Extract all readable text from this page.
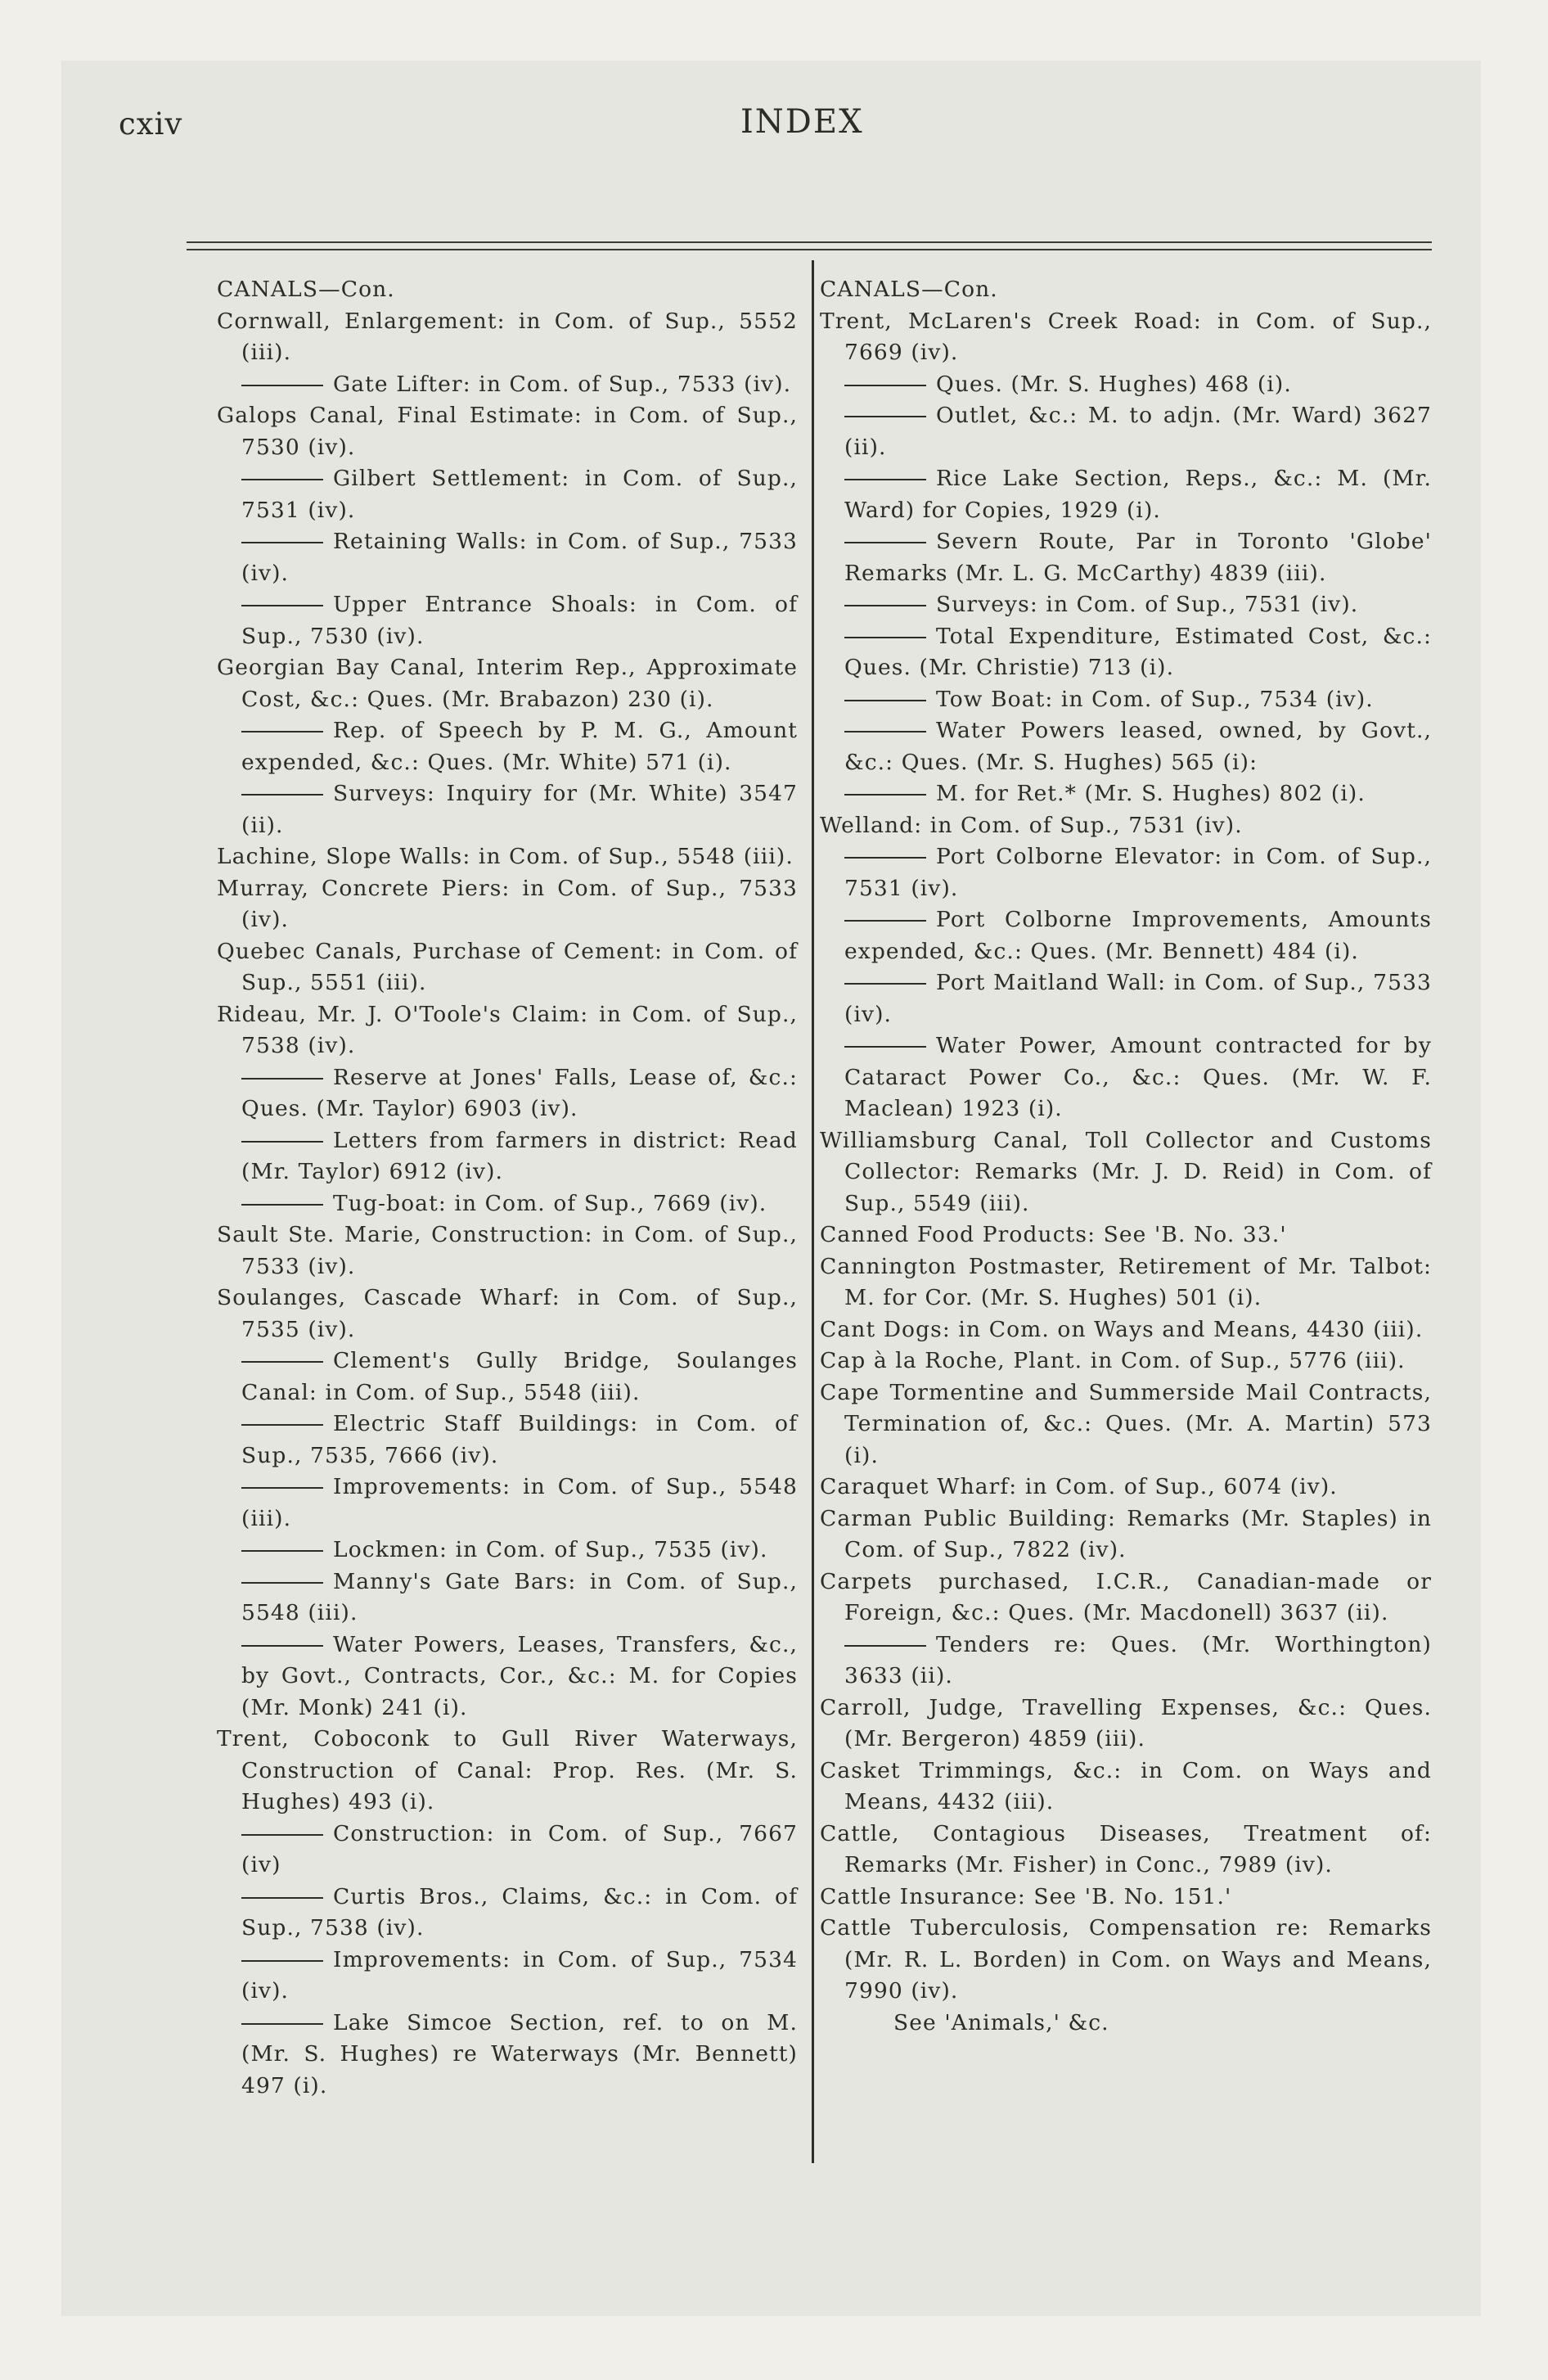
cxiv	INDEX

CANALS—Con.

Cornwall, Enlargement: in Com. of Sup., 5552 (iii).

Gate Lifter: in Com. of Sup., 7533 (iv).

Galops Canal, Final Estimate: in Com. of Sup., 7530 (iv).

Gilbert Settlement: in Com. of Sup., 7531 (iv).

Retaining Walls: in Com. of Sup., 7533 (iv).

Upper Entrance Shoals: in Com. of Sup., 7530 (iv).

Georgian Bay Canal, Interim Rep., Approximate Cost, &c.: Ques. (Mr. Brabazon) 230 (i).

Rep. of Speech by P. M. G., Amount expended, &c.: Ques. (Mr. White) 571 (i).

Surveys: Inquiry for (Mr. White) 3547 (ii).

Lachine, Slope Walls: in Com. of Sup., 5548 (iii).

Murray, Concrete Piers: in Com. of Sup., 7533 (iv).

Quebec Canals, Purchase of Cement: in Com. of Sup., 5551 (iii).

Rideau, Mr. J. O'Toole's Claim: in Com. of Sup., 7538 (iv).

Reserve at Jones' Falls, Lease of, &c.: Ques. (Mr. Taylor) 6903 (iv).

Letters from farmers in district: Read (Mr. Taylor) 6912 (iv).

Tug-boat: in Com. of Sup., 7669 (iv).

Sault Ste. Marie, Construction: in Com. of Sup., 7533 (iv).

Soulanges, Cascade Wharf: in Com. of Sup., 7535 (iv).

Clement's Gully Bridge, Soulanges Canal: in Com. of Sup., 5548 (iii).

Electric Staff Buildings: in Com. of Sup., 7535, 7666 (iv).

Improvements: in Com. of Sup., 5548 (iii).

Lockmen: in Com. of Sup., 7535 (iv).

Manny's Gate Bars: in Com. of Sup., 5548 (iii).

Water Powers, Leases, Transfers, &c., by Govt., Contracts, Cor., &c.: M. for Copies (Mr. Monk) 241 (i).

Trent, Coboconk to Gull River Waterways, Construction of Canal: Prop. Res. (Mr. S. Hughes) 493 (i).

Construction: in Com. of Sup., 7667 (iv)

Curtis Bros., Claims, &c.: in Com. of Sup., 7538 (iv).

Improvements: in Com. of Sup., 7534 (iv).

Lake Simcoe Section, ref. to on M. (Mr. S. Hughes) re Waterways (Mr. Bennett) 497 (i).

CANALS—Con.

Trent, McLaren's Creek Road: in Com. of Sup., 7669 (iv).

Ques. (Mr. S. Hughes) 468 (i).

Outlet, &c.: M. to adjn. (Mr. Ward) 3627 (ii).

Rice Lake Section, Reps., &c.: M. (Mr. Ward) for Copies, 1929 (i).

Severn Route, Par in Toronto 'Globe' Remarks (Mr. L. G. McCarthy) 4839 (iii).

Surveys: in Com. of Sup., 7531 (iv).

Total Expenditure, Estimated Cost, &c.: Ques. (Mr. Christie) 713 (i).

Tow Boat: in Com. of Sup., 7534 (iv).

Water Powers leased, owned, by Govt., &c.: Ques. (Mr. S. Hughes) 565 (i):

M. for Ret.* (Mr. S. Hughes) 802 (i).

Welland: in Com. of Sup., 7531 (iv).

Port Colborne Elevator: in Com. of Sup., 7531 (iv).

Port Colborne Improvements, Amounts expended, &c.: Ques. (Mr. Bennett) 484 (i).

Port Maitland Wall: in Com. of Sup., 7533 (iv).

Water Power, Amount contracted for by Cataract Power Co., &c.: Ques. (Mr. W. F. Maclean) 1923 (i).

Williamsburg Canal, Toll Collector and Customs Collector: Remarks (Mr. J. D. Reid) in Com. of Sup., 5549 (iii).

Canned Food Products: See 'B. No. 33.'

Cannington Postmaster, Retirement of Mr. Talbot: M. for Cor. (Mr. S. Hughes) 501 (i).

Cant Dogs: in Com. on Ways and Means, 4430 (iii).

Cap à la Roche, Plant. in Com. of Sup., 5776 (iii).

Cape Tormentine and Summerside Mail Contracts, Termination of, &c.: Ques. (Mr. A. Martin) 573 (i).

Caraquet Wharf: in Com. of Sup., 6074 (iv).

Carman Public Building: Remarks (Mr. Staples) in Com. of Sup., 7822 (iv).

Carpets purchased, I.C.R., Canadian-made or Foreign, &c.: Ques. (Mr. Macdonell) 3637 (ii).

Tenders re: Ques. (Mr. Worthington) 3633 (ii).

Carroll, Judge, Travelling Expenses, &c.: Ques. (Mr. Bergeron) 4859 (iii).

Casket Trimmings, &c.: in Com. on Ways and Means, 4432 (iii).

Cattle, Contagious Diseases, Treatment of: Remarks (Mr. Fisher) in Conc., 7989 (iv).

Cattle Insurance: See 'B. No. 151.'

Cattle Tuberculosis, Compensation re: Remarks (Mr. R. L. Borden) in Com. on Ways and Means, 7990 (iv).

See 'Animals,' &c.
